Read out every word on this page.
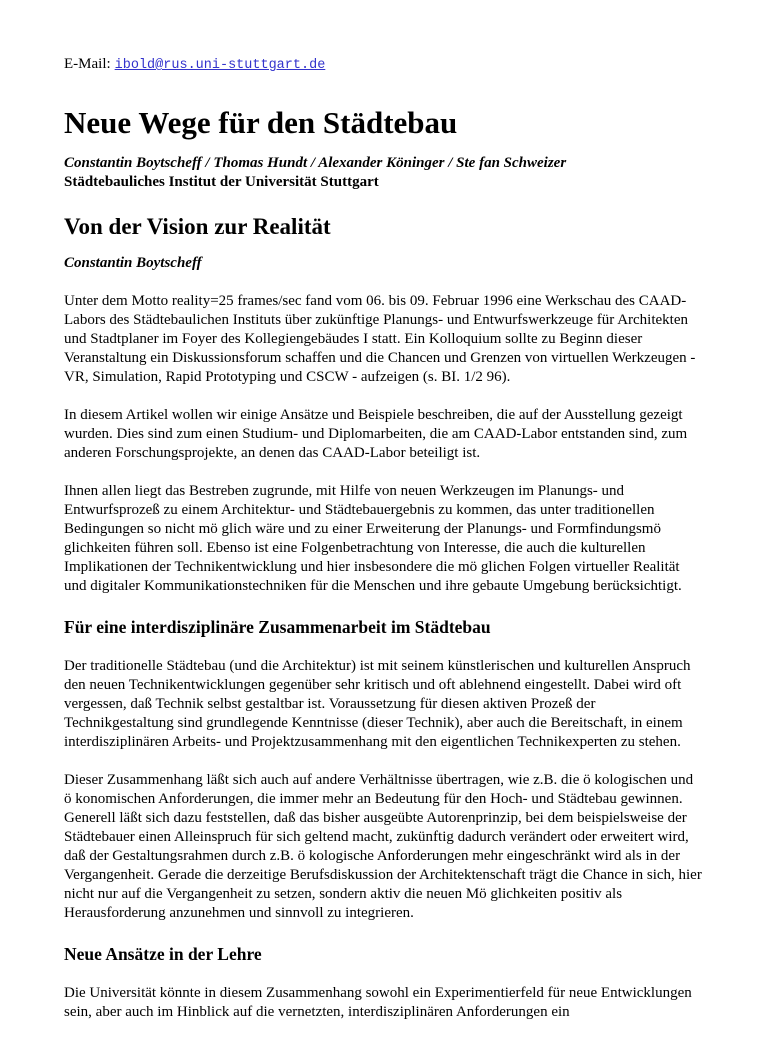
E-Mail: ibold@rus.uni-stuttgart.de

Neue Wege für den Städtebau

Constantin Boytscheff / Thomas Hundt / Alexander Köninger / Ste fan Schweizer

Städtebauliches Institut der Universität Stuttgart

Von der Vision zur Realität

Constantin Boytscheff

Unter dem Motto reality=25 frames/sec fand vom 06. bis 09. Februar 1996 eine Werkschau des CAAD-Labors des Städtebaulichen Instituts über zukünftige Planungs- und Entwurfswerkzeuge für Architekten und Stadtplaner im Foyer des Kollegiengebäudes I statt. Ein Kolloquium sollte zu Beginn dieser Veranstaltung ein Diskussionsforum schaffen und die Chancen und Grenzen von virtuellen Werkzeugen - VR, Simulation, Rapid Prototyping und CSCW - aufzeigen (s. BI. 1/2 96).

In diesem Artikel wollen wir einige Ansätze und Beispiele beschreiben, die auf der Ausstellung gezeigt wurden. Dies sind zum einen Studium- und Diplomarbeiten, die am CAAD-Labor entstanden sind, zum anderen Forschungsprojekte, an denen das CAAD-Labor beteiligt ist.

Ihnen allen liegt das Bestreben zugrunde, mit Hilfe von neuen Werkzeugen im Planungs- und Entwurfsprozeß zu einem Architektur- und Städtebauergebnis zu kommen, das unter traditionellen Bedingungen so nicht mö glich wäre und zu einer Erweiterung der Planungs- und Formfindungsmö glichkeiten führen soll. Ebenso ist eine Folgenbetrachtung von Interesse, die auch die kulturellen Implikationen der Technikentwicklung und hier insbesondere die mö glichen Folgen virtueller Realität und digitaler Kommunikationstechniken für die Menschen und ihre gebaute Umgebung berücksichtigt.

Für eine interdisziplinäre Zusammenarbeit im Städtebau

Der traditionelle Städtebau (und die Architektur) ist mit seinem künstlerischen und kulturellen Anspruch den neuen Technikentwicklungen gegenüber sehr kritisch und oft ablehnend eingestellt. Dabei wird oft vergessen, daß Technik selbst gestaltbar ist. Voraussetzung für diesen aktiven Prozeß der Technikgestaltung sind grundlegende Kenntnisse (dieser Technik), aber auch die Bereitschaft, in einem interdisziplinären Arbeits- und Projektzusammenhang mit den eigentlichen Technikexperten zu stehen.

Dieser Zusammenhang läßt sich auch auf andere Verhältnisse übertragen, wie z.B. die ö kologischen und ö konomischen Anforderungen, die immer mehr an Bedeutung für den Hoch- und Städtebau gewinnen. Generell läßt sich dazu feststellen, daß das bisher ausgeübte Autorenprinzip, bei dem beispielsweise der Städtebauer einen Alleinspruch für sich geltend macht, zukünftig dadurch verändert oder erweitert wird, daß der Gestaltungsrahmen durch z.B. ö kologische Anforderungen mehr eingeschränkt wird als in der Vergangenheit. Gerade die derzeitige Berufsdiskussion der Architektenschaft trägt die Chance in sich, hier nicht nur auf die Vergangenheit zu setzen, sondern aktiv die neuen Mö glichkeiten positiv als Herausforderung anzunehmen und sinnvoll zu integrieren.

Neue Ansätze in der Lehre

Die Universität könnte in diesem Zusammenhang sowohl ein Experimentierfeld für neue Entwicklungen sein, aber auch im Hinblick auf die vernetzten, interdisziplinären Anforderungen ein
